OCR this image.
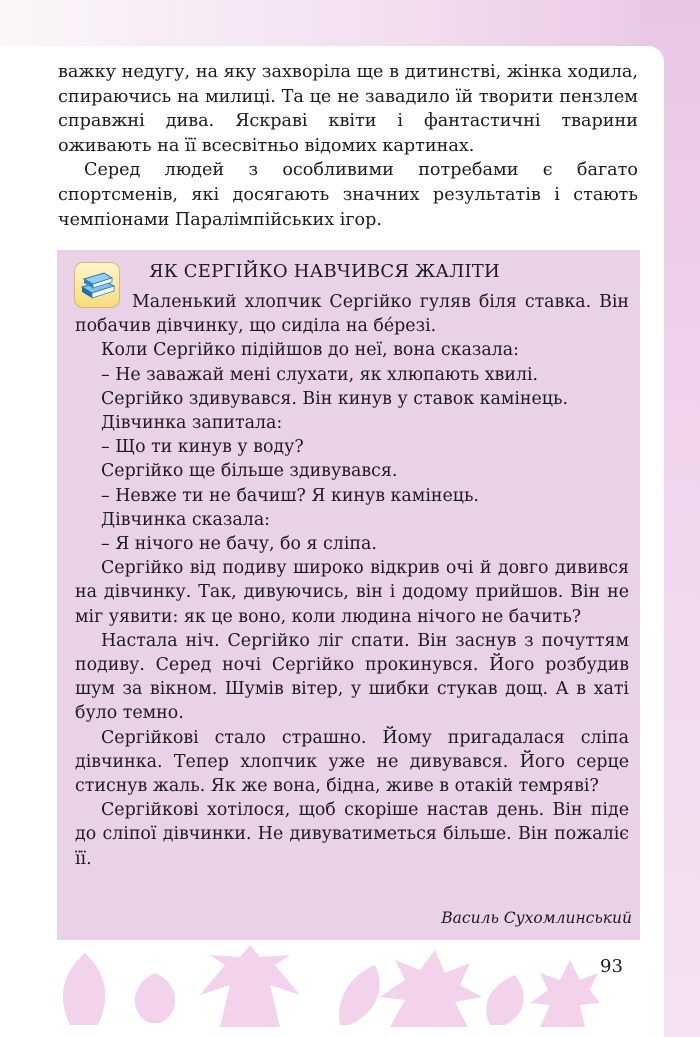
важку недугу, на яку захворіла ще в дитинстві, жінка ходила, спираючись на милиці. Та це не завадило їй творити пензлем справжні дива. Яскраві квіти і фантастичні тварини оживають на її всесвітньо відомих картинах.

Серед людей з особливими потребами є багато спортсменів, які досягають значних результатів і стають чемпіонами Паралімпійських ігор.

ЯК СЕРГІЙКО НАВЧИВСЯ ЖАЛІТИ

Маленький хлопчик Сергійко гуляв біля ставка. Він побачив дівчинку, що сиділа на бéрезі.

Коли Сергійко підійшов до неї, вона сказала:

– Не заважай мені слухати, як хлюпають хвилі.

Сергійко здивувався. Він кинув у ставок камінець.

Дівчинка запитала:

– Що ти кинув у воду?

Сергійко ще більше здивувався.

– Невже ти не бачиш? Я кинув камінець.

Дівчинка сказала:

– Я нічого не бачу, бо я сліпа.

Сергійко від подиву широко відкрив очі й довго дивився на дівчинку. Так, дивуючись, він і додому прийшов. Він не міг уявити: як це воно, коли людина нічого не бачить?

Настала ніч. Сергійко ліг спати. Він заснув з почуттям подиву. Серед ночі Сергійко прокинувся. Його розбудив шум за вікном. Шумів вітер, у шибки стукав дощ. А в хаті було темно.

Сергійкові стало страшно. Йому пригадалася сліпа дівчинка. Тепер хлопчик уже не дивувався. Його серце стиснув жаль. Як же вона, бідна, живе в отакій темряві?

Сергійкові хотілося, щоб скоріше настав день. Він піде до сліпої дівчинки. Не дивуватиметься більше. Він пожаліє її.

Василь Сухомлинський
93
